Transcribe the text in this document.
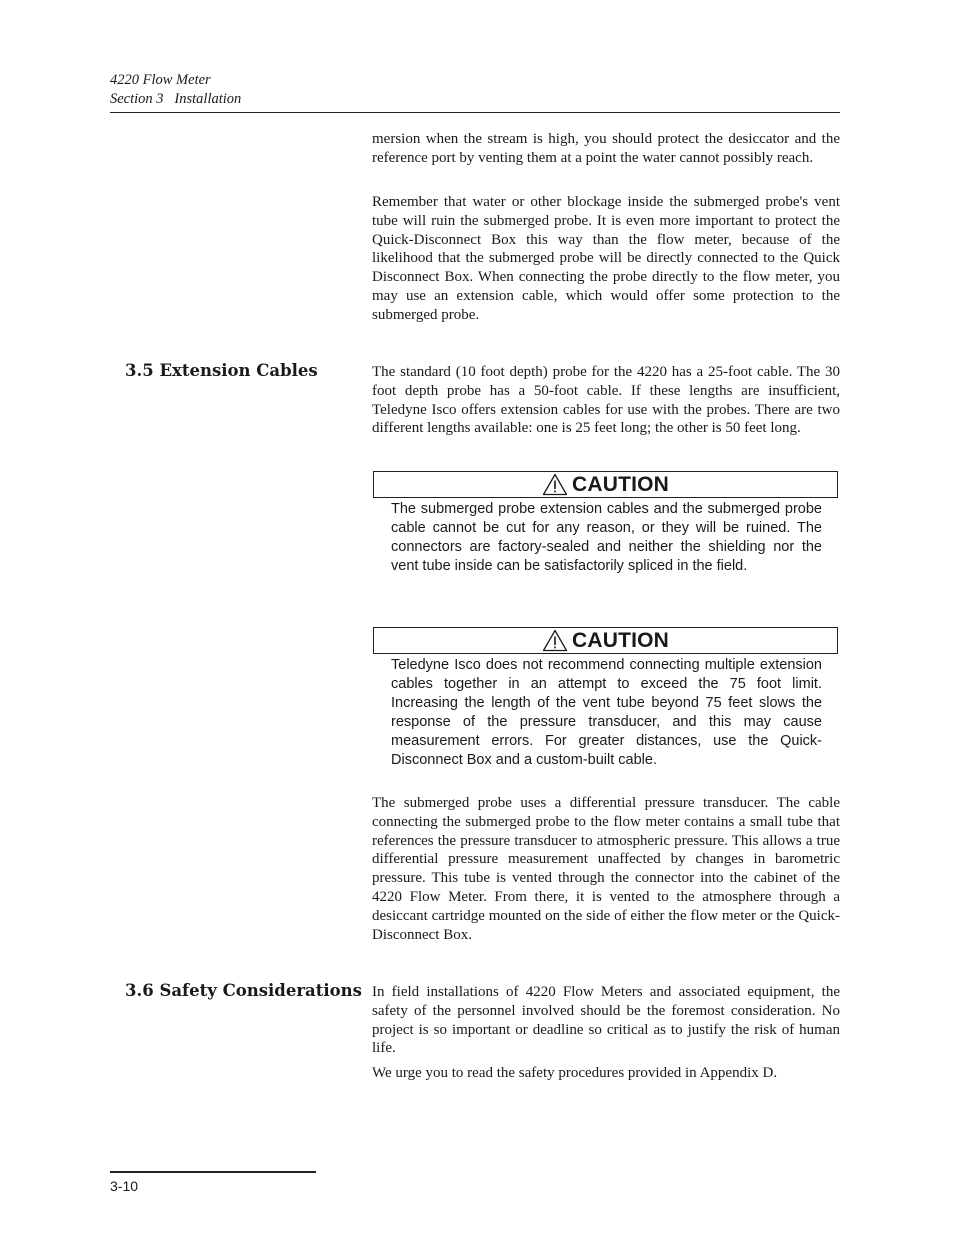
4220 Flow Meter
Section 3   Installation
mersion when the stream is high, you should protect the desiccator and the reference port by venting them at a point the water cannot possibly reach.
Remember that water or other blockage inside the submerged probe's vent tube will ruin the submerged probe. It is even more important to protect the Quick-Disconnect Box this way than the flow meter, because of the likelihood that the submerged probe will be directly connected to the Quick Disconnect Box. When connecting the probe directly to the flow meter, you may use an extension cable, which would offer some protection to the submerged probe.
3.5 Extension Cables	The standard (10 foot depth) probe for the 4220 has a 25-foot cable. The 30 foot depth probe has a 50-foot cable. If these lengths are insufficient, Teledyne Isco offers extension cables for use with the probes. There are two different lengths available: one is 25 feet long; the other is 50 feet long.
CAUTION
The submerged probe extension cables and the submerged probe cable cannot be cut for any reason, or they will be ruined. The connectors are factory-sealed and neither the shielding nor the vent tube inside can be satisfactorily spliced in the field.
CAUTION
Teledyne Isco does not recommend connecting multiple extension cables together in an attempt to exceed the 75 foot limit. Increasing the length of the vent tube beyond 75 feet slows the response of the pressure transducer, and this may cause measurement errors. For greater distances, use the Quick-Disconnect Box and a custom-built cable.
The submerged probe uses a differential pressure transducer. The cable connecting the submerged probe to the flow meter contains a small tube that references the pressure transducer to atmospheric pressure. This allows a true differential pressure measurement unaffected by changes in barometric pressure. This tube is vented through the connector into the cabinet of the 4220 Flow Meter. From there, it is vented to the atmosphere through a desiccant cartridge mounted on the side of either the flow meter or the Quick-Disconnect Box.
3.6 Safety Considerations In field installations of 4220 Flow Meters and associated equipment, the safety of the personnel involved should be the foremost consideration. No project is so important or deadline so critical as to justify the risk of human life.
We urge you to read the safety procedures provided in Appendix D.
3-10
